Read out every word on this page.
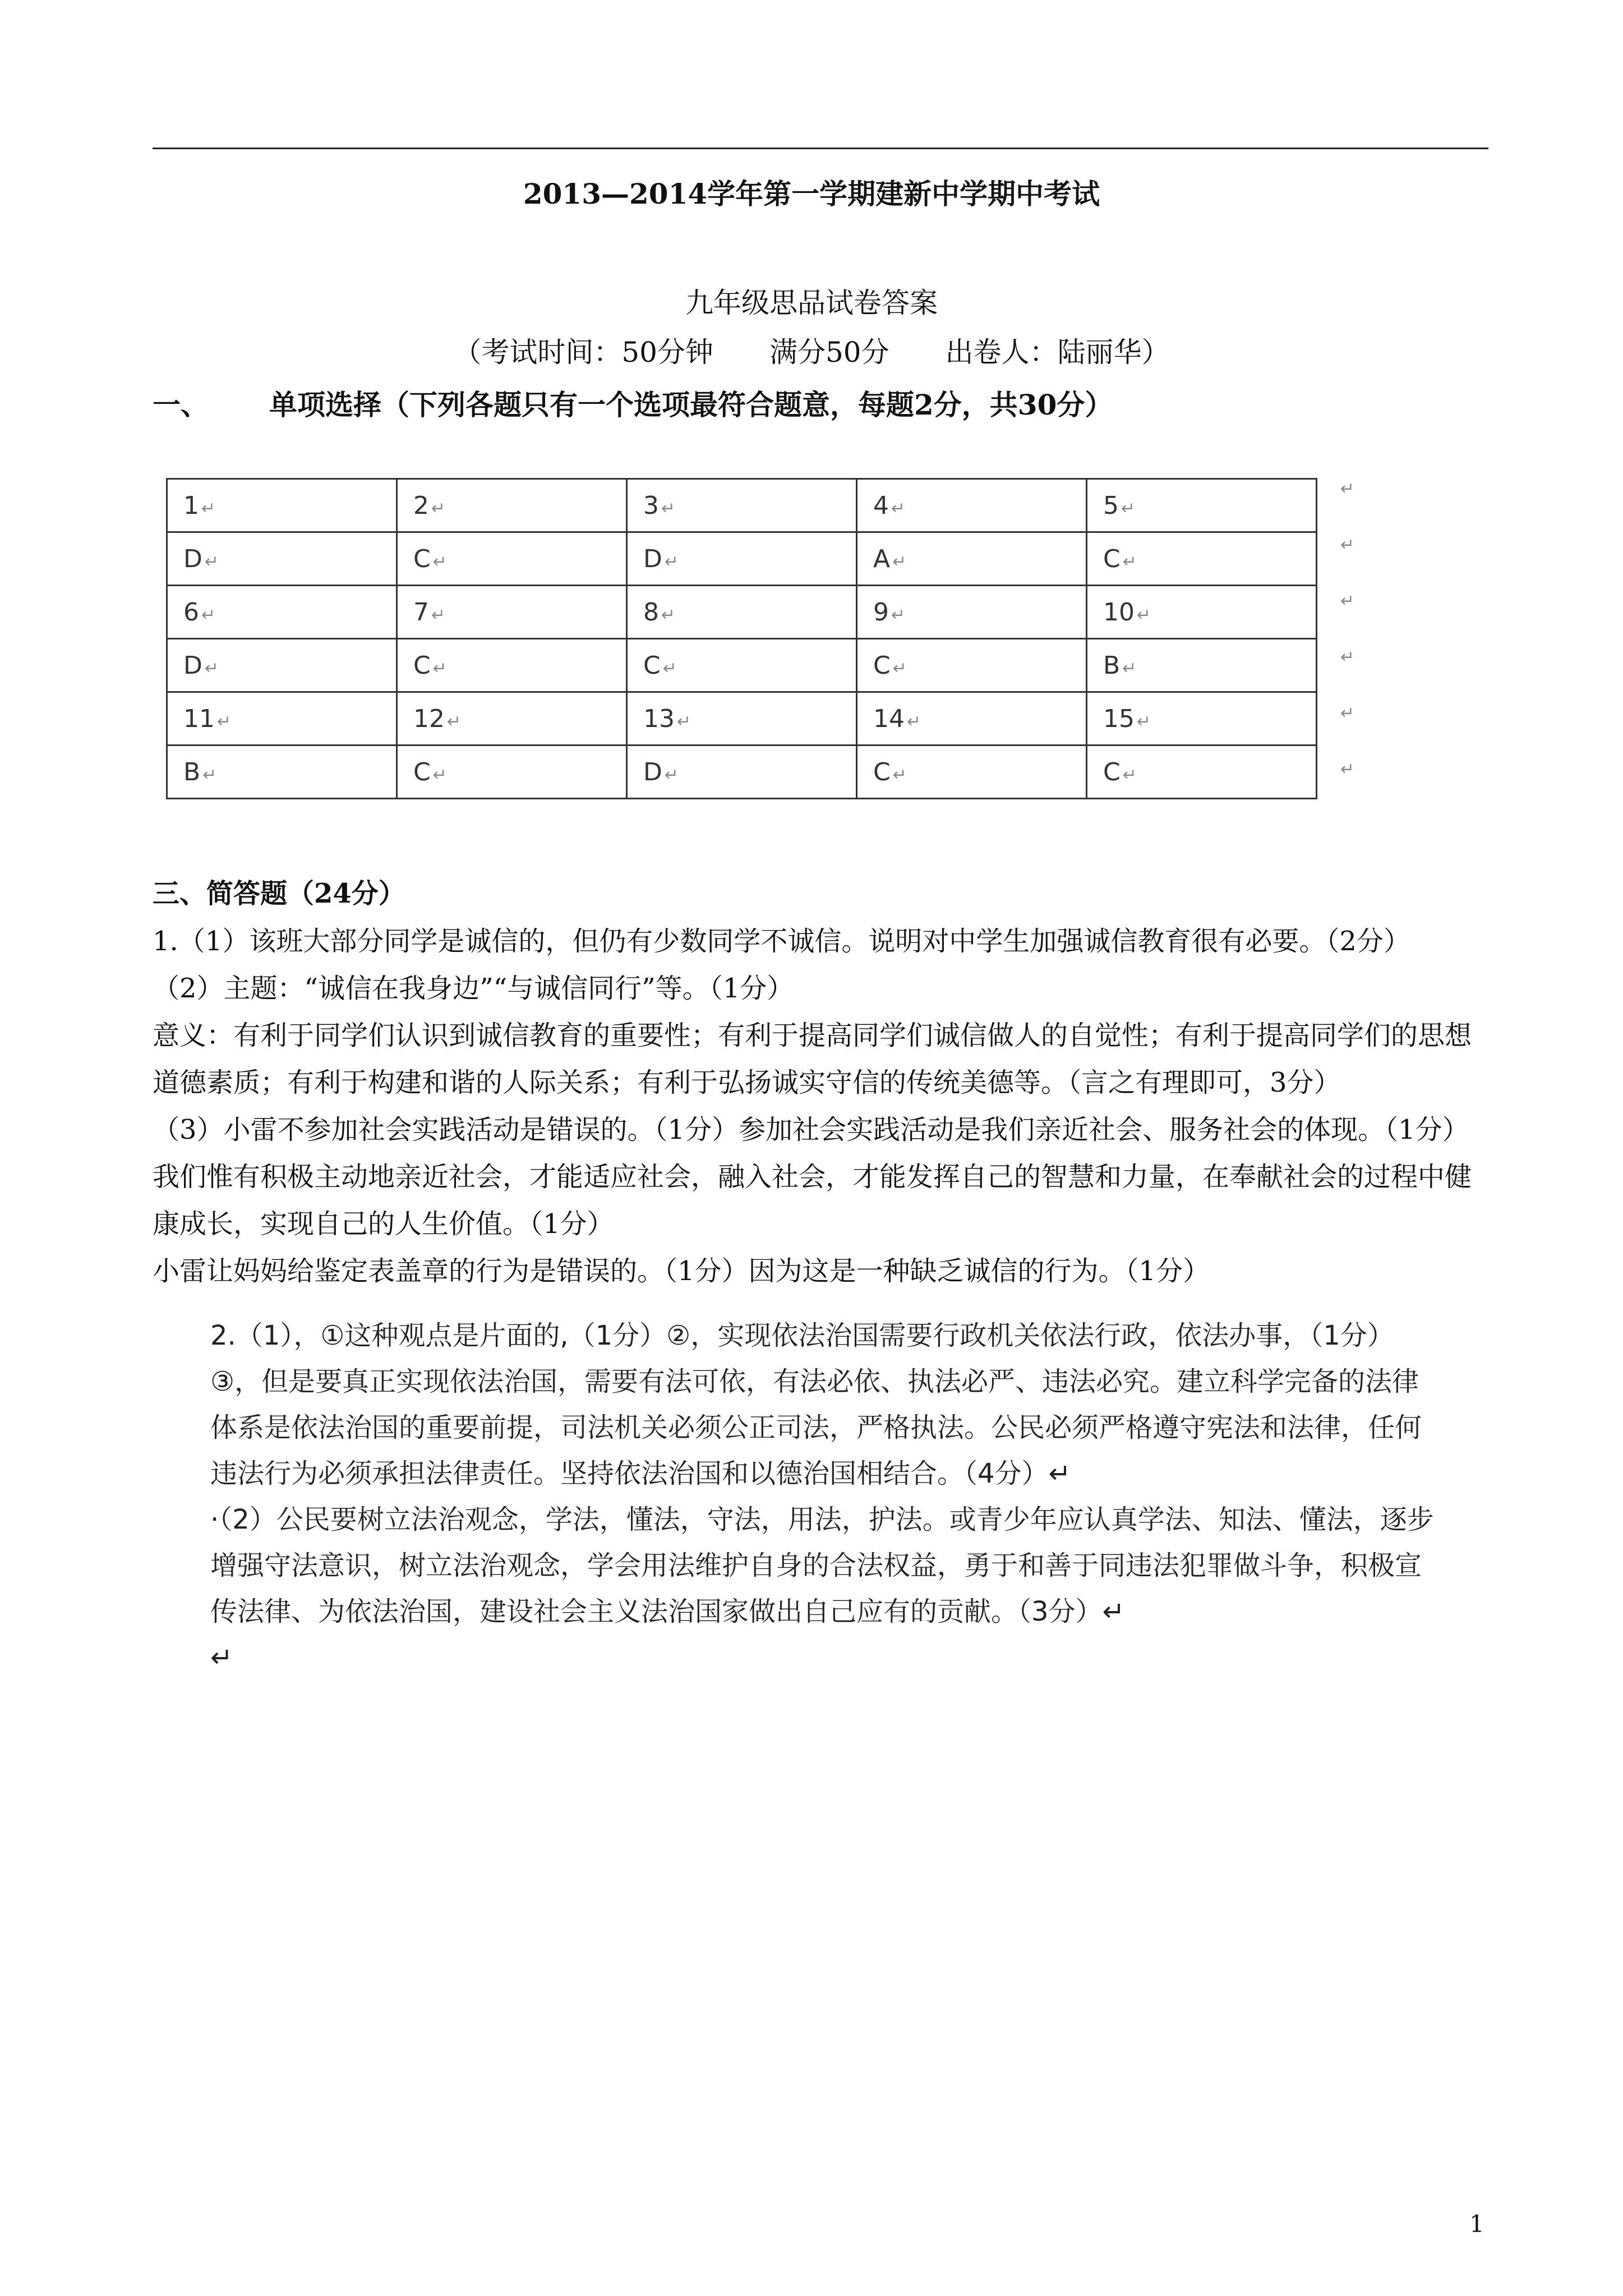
2013—2014学年第一学期建新中学期中考试
九年级思品试卷答案
（考试时间：50分钟　　满分50分　　出卷人：陆丽华）
一、 单项选择（下列各题只有一个选项最符合题意，每题2分，共30分）
1 ↵	2 ↵	3 ↵	4 ↵	5 ↵
D ↵	C ↵	D ↵	A ↵	C ↵
6 ↵	7 ↵	8 ↵	9 ↵	10 ↵
D ↵	C ↵	C ↵	C ↵	B ↵
11 ↵	12 ↵	13 ↵	14 ↵	15 ↵
B ↵	C ↵	D ↵	C ↵	C ↵
↵
↵
↵
↵
↵
↵
三、简答题（24分）

1.（1）该班大部分同学是诚信的，但仍有少数同学不诚信。说明对中学生加强诚信教育很有必要。（2分）

（2）主题：“诚信在我身边”“与诚信同行”等。（1分）

意义：有利于同学们认识到诚信教育的重要性；有利于提高同学们诚信做人的自觉性；有利于提高同学们的思想道德素质；有利于构建和谐的人际关系；有利于弘扬诚实守信的传统美德等。（言之有理即可，3分）

（3）小雷不参加社会实践活动是错误的。（1分）参加社会实践活动是我们亲近社会、服务社会的体现。（1分）我们惟有积极主动地亲近社会，才能适应社会，融入社会，才能发挥自己的智慧和力量，在奉献社会的过程中健康成长，实现自己的人生价值。（1分）

小雷让妈妈给鉴定表盖章的行为是错误的。（1分）因为这是一种缺乏诚信的行为。（1分）

2.（1），①这种观点是片面的,（1分）②，实现依法治国需要行政机关依法行政，依法办事，（1分）③，但是要真正实现依法治国，需要有法可依，有法必依、执法必严、违法必究。建立科学完备的法律体系是依法治国的重要前提，司法机关必须公正司法，严格执法。公民必须严格遵守宪法和法律，任何违法行为必须承担法律责任。坚持依法治国和以德治国相结合。（4分）↵

·（2）公民要树立法治观念，学法，懂法，守法，用法，护法。或青少年应认真学法、知法、懂法，逐步增强守法意识，树立法治观念，学会用法维护自身的合法权益，勇于和善于同违法犯罪做斗争，积极宣传法律、为依法治国，建设社会主义法治国家做出自己应有的贡献。（3分）↵

↵

1
